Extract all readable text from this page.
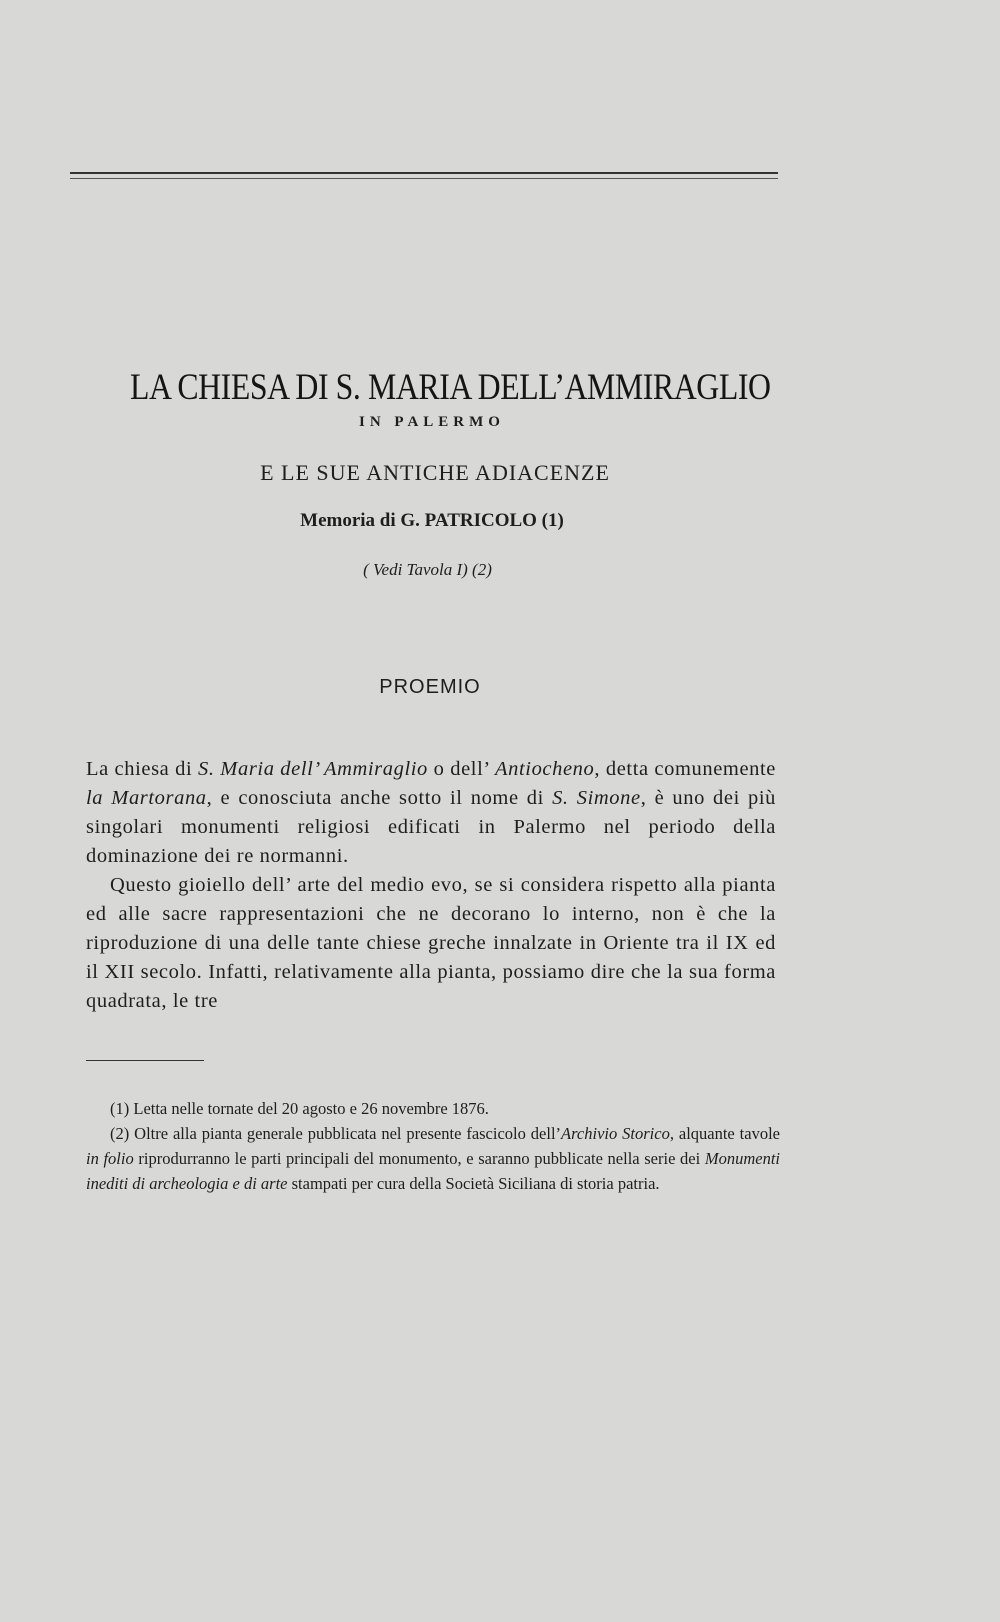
LA CHIESA DI S. MARIA DELL’AMMIRAGLIO
IN PALERMO
E LE SUE ANTICHE ADIACENZE
Memoria di G. PATRICOLO (1)
( Vedi Tavola I) (2)
PROEMIO

La chiesa di S. Maria dell’ Ammiraglio o dell’ Antiocheno, detta comunemente la Martorana, e conosciuta anche sotto il nome di S. Simone, è uno dei più singolari monumenti religiosi edificati in Palermo nel periodo della dominazione dei re normanni.

Questo gioiello dell’ arte del medio evo, se si considera rispetto alla pianta ed alle sacre rappresentazioni che ne decorano lo interno, non è che la riproduzione di una delle tante chiese greche innalzate in Oriente tra il IX ed il XII secolo. Infatti, relativamente alla pianta, possiamo dire che la sua forma quadrata, le tre

(1) Letta nelle tornate del 20 agosto e 26 novembre 1876.

(2) Oltre alla pianta generale pubblicata nel presente fascicolo dell’Archivio Storico, alquante tavole in folio riprodurranno le parti principali del monumento, e saranno pubblicate nella serie dei Monumenti inediti di archeologia e di arte stampati per cura della Società Siciliana di storia patria.
